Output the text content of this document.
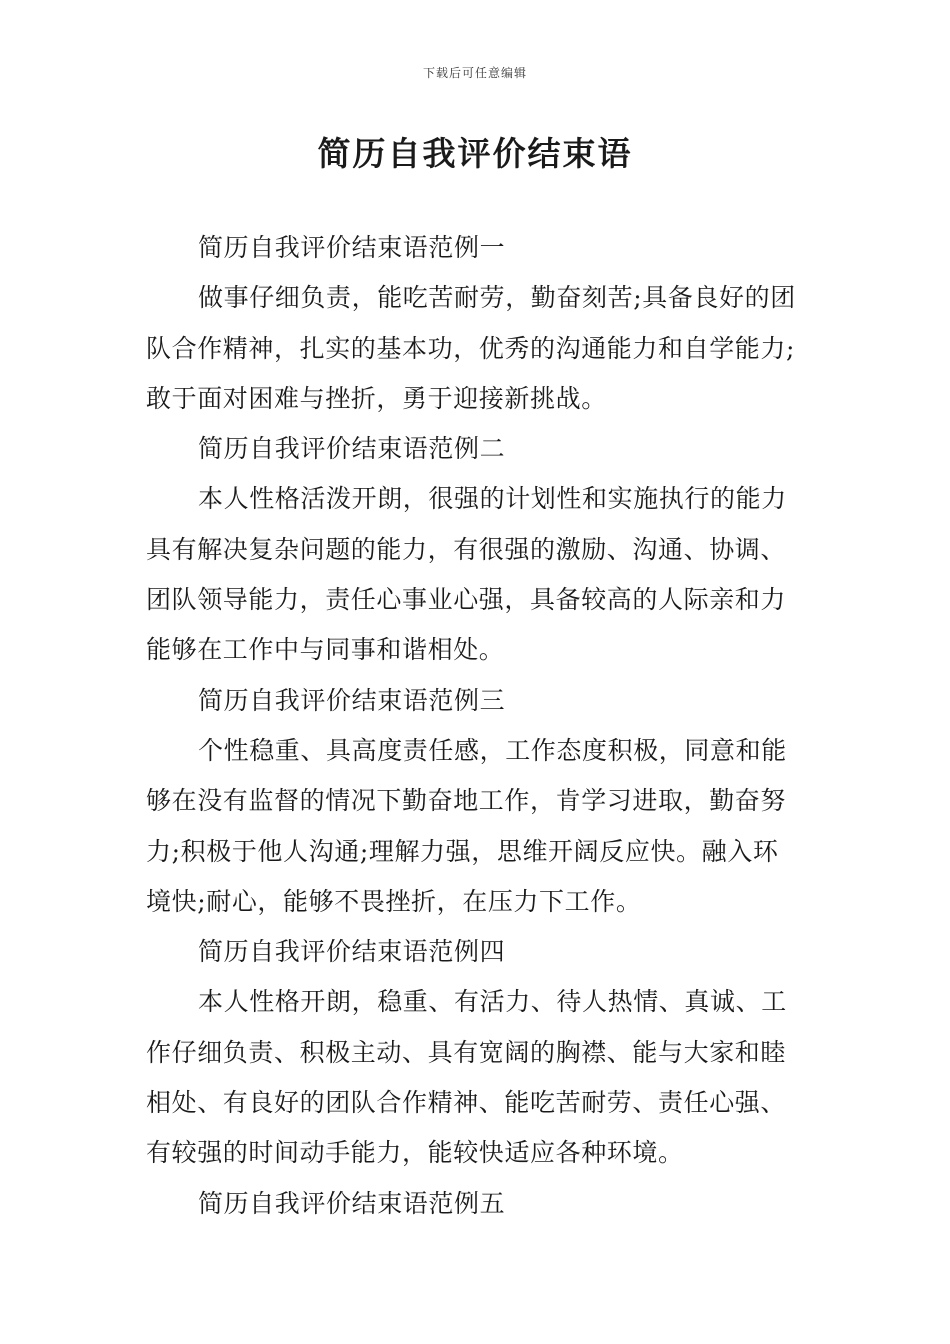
下载后可任意编辑
简历自我评价结束语
简历自我评价结束语范例一
做事仔细负责，能吃苦耐劳，勤奋刻苦;具备良好的团
队合作精神，扎实的基本功，优秀的沟通能力和自学能力;
敢于面对困难与挫折，勇于迎接新挑战。
简历自我评价结束语范例二
本人性格活泼开朗，很强的计划性和实施执行的能力
具有解决复杂问题的能力，有很强的激励、沟通、协调、
团队领导能力，责任心事业心强，具备较高的人际亲和力
能够在工作中与同事和谐相处。
简历自我评价结束语范例三
个性稳重、具高度责任感，工作态度积极，同意和能
够在没有监督的情况下勤奋地工作，肯学习进取，勤奋努
力;积极于他人沟通;理解力强，思维开阔反应快。融入环
境快;耐心，能够不畏挫折，在压力下工作。
简历自我评价结束语范例四
本人性格开朗，稳重、有活力、待人热情、真诚、工
作仔细负责、积极主动、具有宽阔的胸襟、能与大家和睦
相处、有良好的团队合作精神、能吃苦耐劳、责任心强、
有较强的时间动手能力，能较快适应各种环境。
简历自我评价结束语范例五
